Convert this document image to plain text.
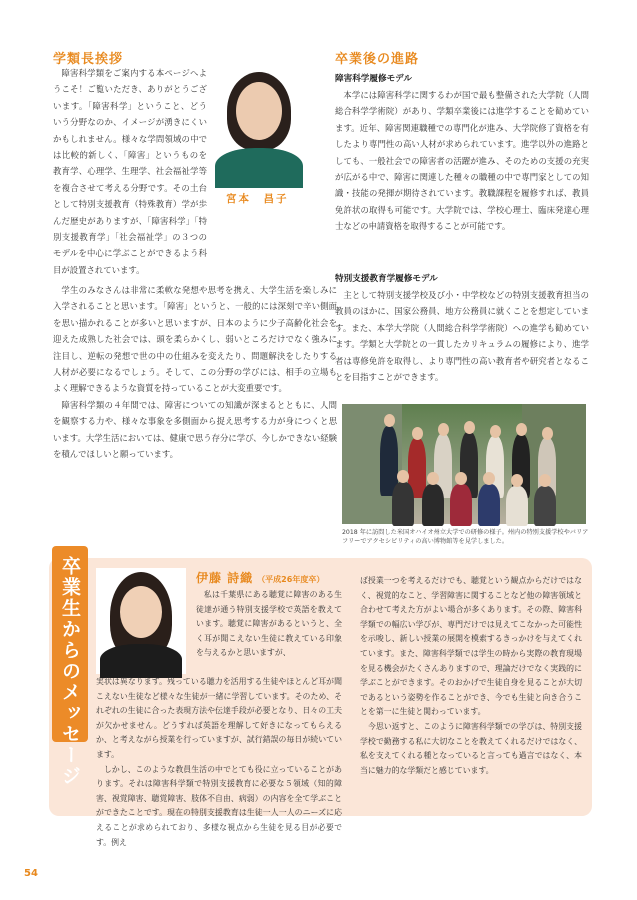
学類長挨拶
宮本　昌子
障害科学類をご案内する本ページへようこそ！ご覧いただき、ありがとうございます。「障害科学」ということ、どういう分野なのか、イメージが湧きにくいかもしれません。様々な学問領域の中では比較的新しく、「障害」というものを教育学、心理学、生理学、社会福祉学等を複合させて考える分野です。その土台として特別支援教育（特殊教育）学が歩んだ歴史がありますが、「障害科学」「特別支援教育学」「社会福祉学」の３つのモデルを中心に学ぶことができるよう科目が設置されています。

学生のみなさんは非常に柔軟な発想や思考を携え、大学生活を楽しみに入学されることと思います。「障害」というと、一般的には深刻で辛い側面を思い描かれることが多いと思いますが、日本のように少子高齢化社会を迎えた成熟した社会では、頭を柔らかくし、弱いところだけでなく強みに注目し、逆転の発想で世の中の仕組みを変えたり、問題解決をしたりする人材が必要になるでしょう。そして、この分野の学びには、相手の立場もよく理解できるような資質を持っていることが大変重要です。

障害科学類の４年間では、障害についての知識が深まるとともに、人間を観察する力や、様々な事象を多側面から捉え思考する力が身につくと思います。大学生活においては、健康で思う存分に学び、今しかできない経験を積んでほしいと願っています。

卒業後の進路
障害科学履修モデル

本学には障害科学に関するわが国で最も整備された大学院（人間総合科学学術院）があり、学類卒業後には進学することを勧めています。近年、障害関連職種での専門化が進み、大学院修了資格を有したより専門性の高い人材が求められています。進学以外の進路としても、一般社会での障害者の活躍が進み、そのための支援の充実が広がる中で、障害に関連した種々の職種の中で専門家としての知識・技能の発揮が期待されています。教職課程を履修すれば、教員免許状の取得も可能です。大学院では、学校心理士、臨床発達心理士などの申請資格を取得することが可能です。

特別支援教育学履修モデル

主として特別支援学校及び小・中学校などの特別支援教育担当の教員のほかに、国家公務員、地方公務員に就くことを想定しています。また、本学大学院（人間総合科学学術院）への進学も勧めています。学類と大学院との一貫したカリキュラムの履修により、進学者は専修免許を取得し、より専門性の高い教育者や研究者となることを目指すことができます。

2018 年に訪問した米国オハイオ州立大学での研修の様子。州内の特別支援学校やバリアフリーでアクセシビリティの高い博物館等を見学しました。
卒業生からのメッセージ	伊藤 詩織 （平成26年度卒）

私は千葉県にある聴覚に障害のある生徒達が通う特別支援学校で英語を教えています。聴覚に障害があるというと、全く耳が聞こえない生徒に教えている印象を与えるかと思いますが、

実状は異なります。残っている聴力を活用する生徒やほとんど耳が聞こえない生徒など様々な生徒が一緒に学習しています。そのため、それぞれの生徒に合った表現方法や伝達手段が必要となり、日々の工夫が欠かせません。どうすれば英語を理解して好きになってもらえるか、と考えながら授業を行っていますが、試行錯誤の毎日が続いています。

しかし、このような教員生活の中でとても役に立っていることがあります。それは障害科学類で特別支援教育に必要な５領域（知的障害、視覚障害、聴覚障害、肢体不自由、病弱）の内容を全て学ぶことができたことです。現在の特別支援教育は生徒一人一人のニーズに応えることが求められており、多様な視点から生徒を見る目が必要です。例え

ば授業一つを考えるだけでも、聴覚という観点からだけではなく、視覚的なこと、学習障害に関することなど他の障害領域と合わせて考えた方がよい場合が多くあります。その際、障害科学類での幅広い学びが、専門だけでは見えてこなかった可能性を示唆し、新しい授業の展開を模索するきっかけを与えてくれています。また、障害科学類では学生の時から実際の教育現場を見る機会がたくさんありますので、理論だけでなく実践的に学ぶことができます。そのおかげで生徒自身を見ることが大切であるという姿勢を作ることができ、今でも生徒と向き合うことを第一に生徒と関わっています。

今思い返すと、このように障害科学類での学びは、特別支援学校で勤務する私に大切なことを教えてくれるだけではなく、私を支えてくれる種となっていると言っても過言ではなく、本当に魅力的な学類だと感じています。

54
